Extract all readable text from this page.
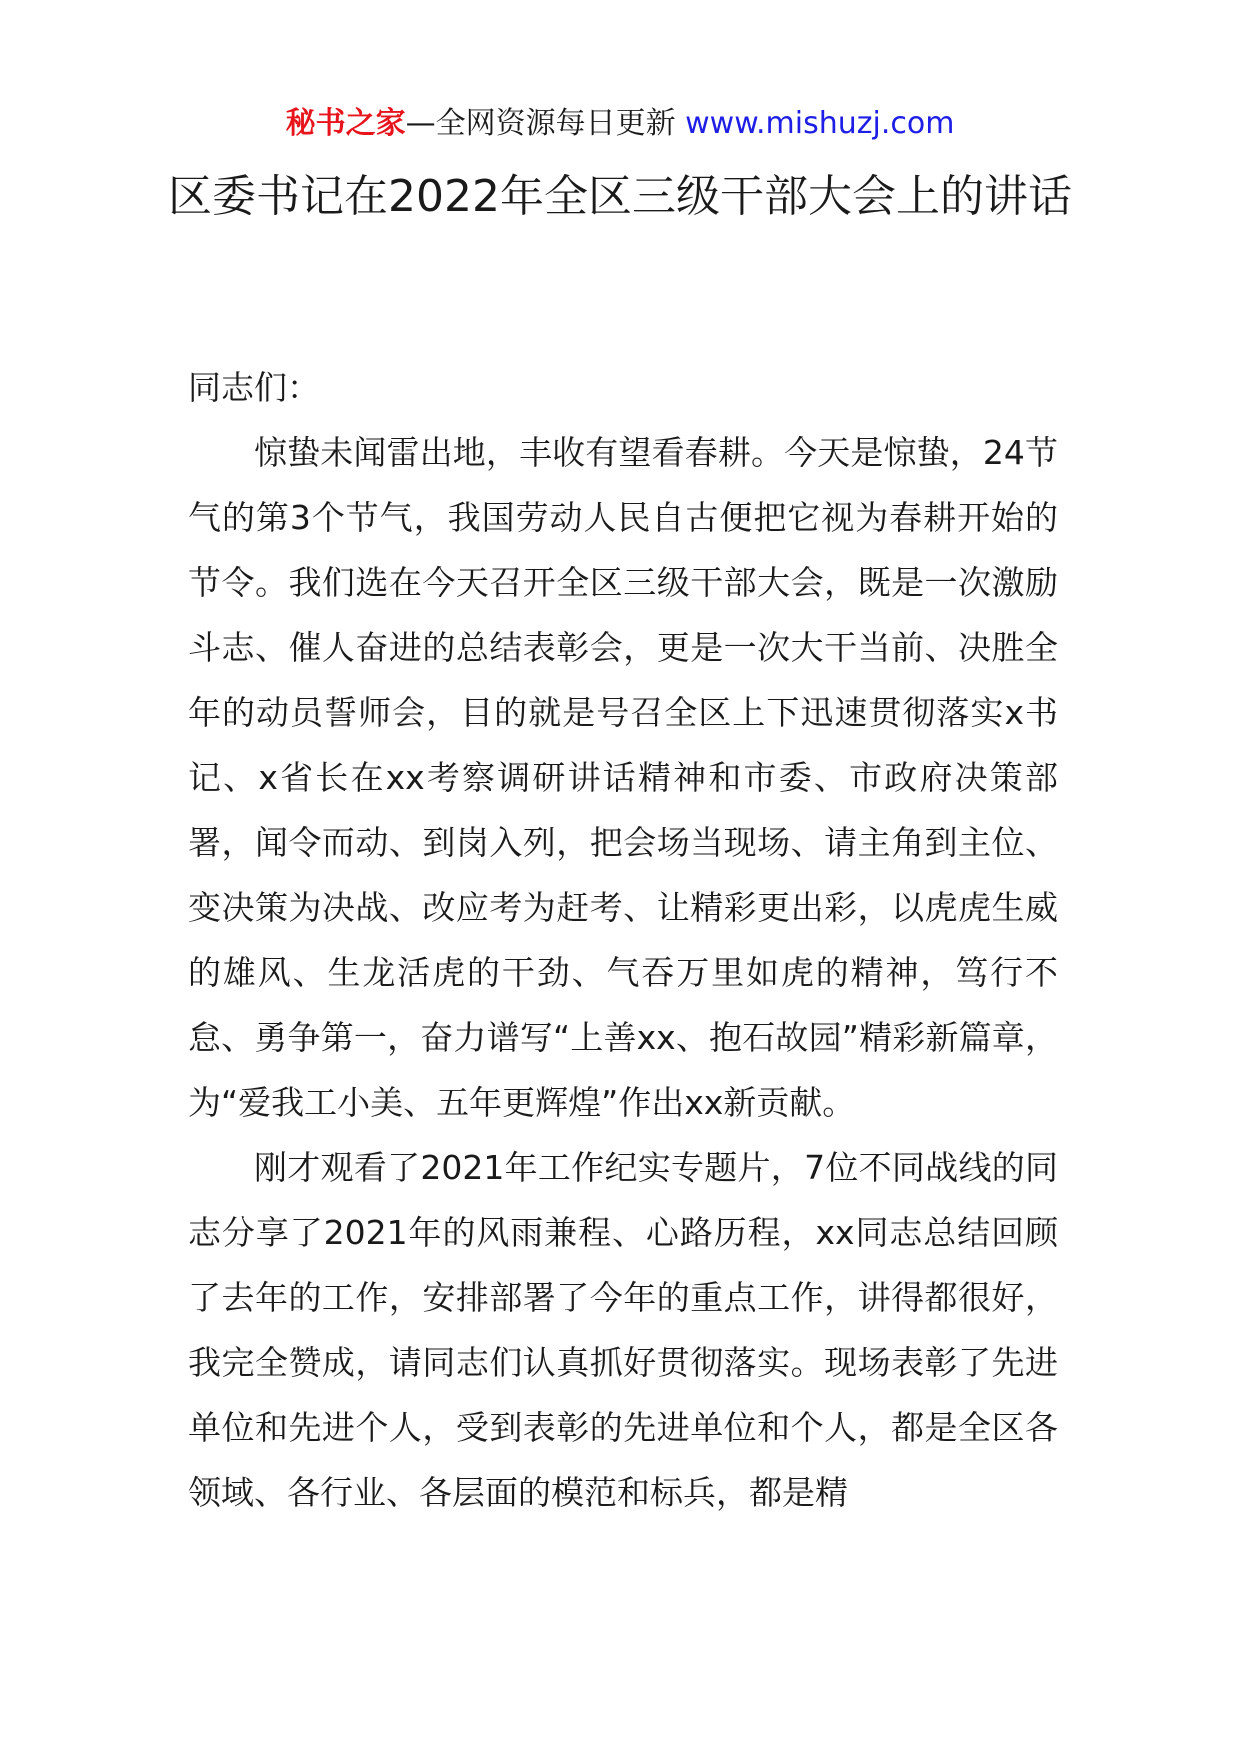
秘书之家—全网资源每日更新 www.mishuzj.com
区委书记在2022年全区三级干部大会上的讲话

同志们：

惊蛰未闻雷出地，丰收有望看春耕。今天是惊蛰，24节气的第3个节气，我国劳动人民自古便把它视为春耕开始的节令。我们选在今天召开全区三级干部大会，既是一次激励斗志、催人奋进的总结表彰会，更是一次大干当前、决胜全年的动员誓师会，目的就是号召全区上下迅速贯彻落实x书记、x省长在xx考察调研讲话精神和市委、市政府决策部署，闻令而动、到岗入列，把会场当现场、请主角到主位、变决策为决战、改应考为赶考、让精彩更出彩，以虎虎生威的雄风、生龙活虎的干劲、气吞万里如虎的精神，笃行不怠、勇争第一，奋力谱写“上善xx、抱石故园”精彩新篇章，为“爱我工小美、五年更辉煌”作出xx新贡献。

刚才观看了2021年工作纪实专题片，7位不同战线的同志分享了2021年的风雨兼程、心路历程，xx同志总结回顾了去年的工作，安排部署了今年的重点工作，讲得都很好，我完全赞成，请同志们认真抓好贯彻落实。现场表彰了先进单位和先进个人，受到表彰的先进单位和个人，都是全区各领域、各行业、各层面的模范和标兵，都是精
